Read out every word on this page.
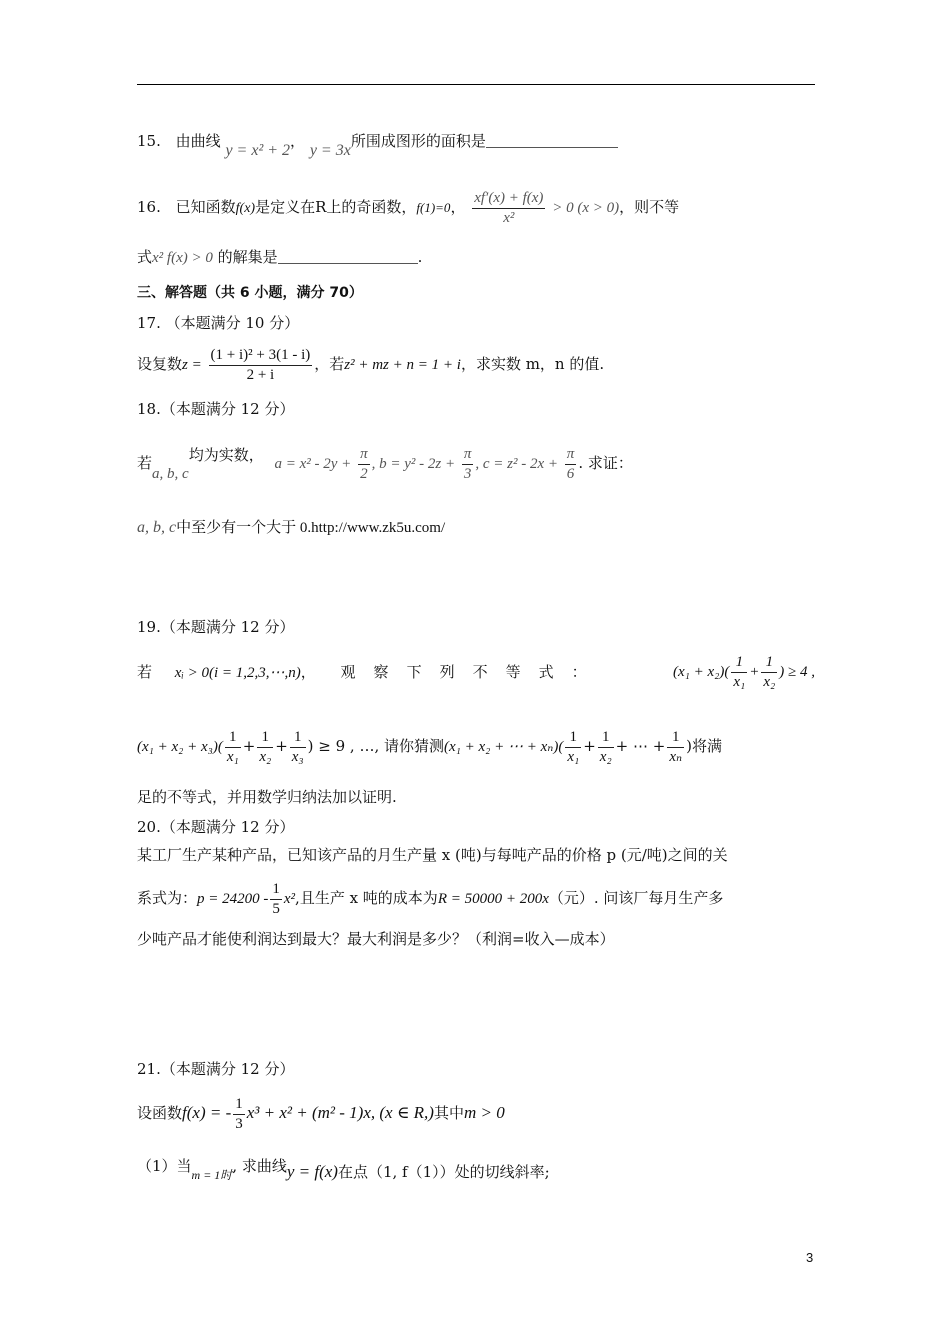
15. 由曲线 y = x² + 2， y = 3x所围成图形的面积是
16. 已知函数f(x)是定义在R上的奇函数，f(1)=0， $\frac{xf'(x) + f(x)}{\text{x²}} > 0$ (x > 0)，则不等
式x² f(x) > 0 的解集是	.
三、解答题（共 6 小题，满分 70）
17. （本题满分 10 分）
设复数$z = \frac{\text{(1 + i)² + 3(1 - i)}}{2 + i}$ ，若z² + mz + n = 1 + i，求实数 m，n 的值.
18.（本题满分 12 分）
若a, b, c均为实数， $a = x^2 - 2y + \frac{\pi}{2}$ , $b = y^2 - 2z + \frac{\pi}{3}$ , $c = z^2 - 2x + \frac{\pi}{6}$ . 求证：
a, b, c中至少有一个大于 0.http://www.zk5u.com/
19.（本题满分 12 分）
若 xᵢ > 0(i = 1,2,3,⋯,n)， 观 察 下 列 不 等 式 ：	$(x_1 + x_2)( \frac{1}{\text{x₁}} + \frac{1}{\text{x₂}}$ ) ≥ 4 ,
$(x_1 + x_2 + x_3)( \frac{1}{\text{x₁}} + \frac{1}{\text{x₂}} + \frac{1}{\text{x₃}}$ ) ≥ 9 , …, 请你猜测(x₁ + x₂ + ⋯ + $x_n)( \frac{1}{\text{x₁}} + \frac{1}{\text{x₂}}$ + ⋯ + $\frac{1}{\text{xₙ}}$ )将满
足的不等式，并用数学归纳法加以证明.
20.（本题满分 12 分）
某工厂生产某种产品，已知该产品的月生产量 x (吨)与每吨产品的价格 p (元/吨)之间的关
系式为：$p = 24200 - \frac{1}{5} x^2$,且生产 x 吨的成本为R = 50000 + 200x（元）. 问该厂每月生产多
少吨产品才能使利润达到最大？最大利润是多少？（利润=收入—成本）
21.（本题满分 12 分）
设函数f(x) = - $\frac{1}{3} x^3 + x^2 + (m^2 - 1)x$, (x ∈ R,)其中m > 0
（1）当$_{m = 1时}$, 求曲线y = f(x)在点（1, f（1））处的切线斜率;
3
